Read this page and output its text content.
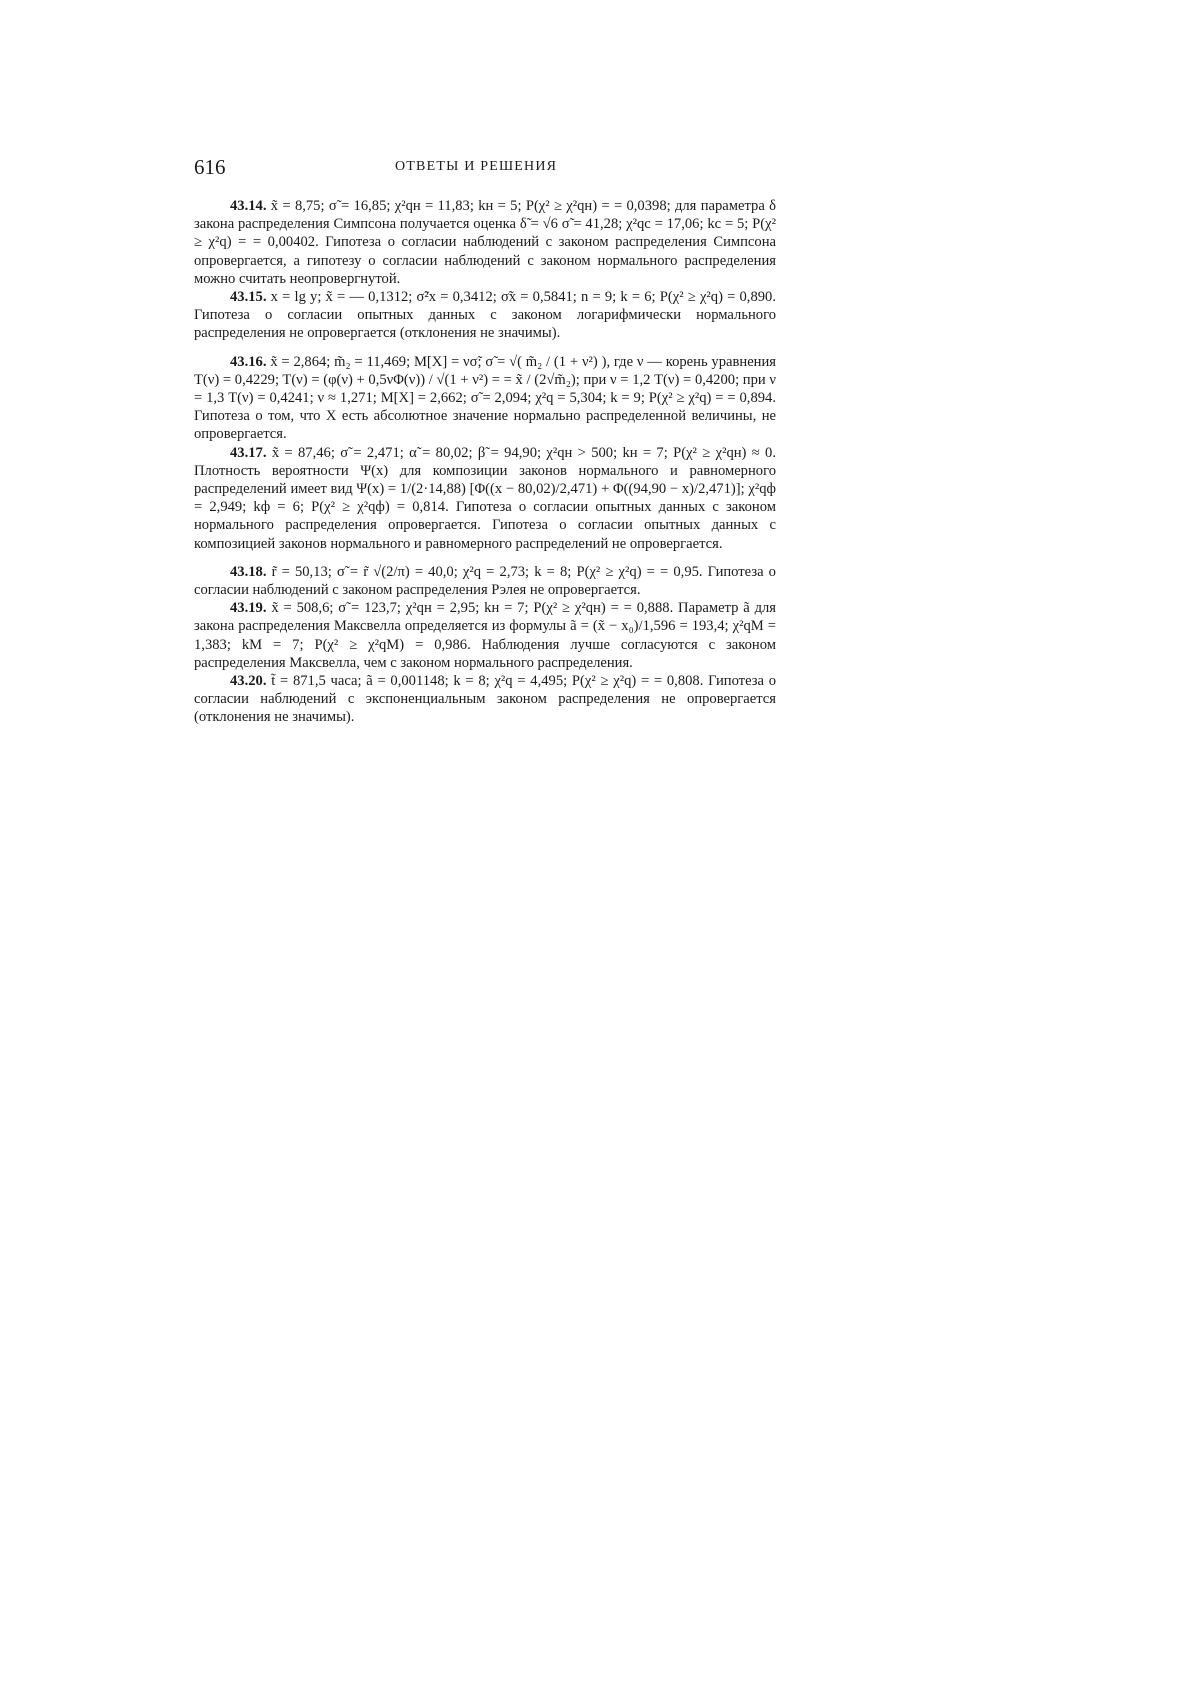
616	ОТВЕТЫ И РЕШЕНИЯ

43.14. x̃ = 8,75; σ̃ = 16,85; χ²qн = 11,83; kн = 5; P(χ² ≥ χ²qн) = = 0,0398; для параметра δ закона распределения Симпсона получается оценка δ̃ = √6 σ̃ = 41,28; χ²qc = 17,06; kс = 5; P(χ² ≥ χ²q) = = 0,00402. Гипотеза о согласии наблюдений с законом распределения Симпсона опровергается, а гипотезу о согласии наблюдений с законом нормального распределения можно считать неопровергнутой.

43.15. x = lg y; x̃ = — 0,1312; σ̃²x = 0,3412; σ̃x = 0,5841; n = 9; k = 6; P(χ² ≥ χ²q) = 0,890. Гипотеза о согласии опытных данных с законом логарифмически нормального распределения не опровергается (отклонения не значимы).

43.16. x̃ = 2,864; m̃₂ = 11,469; M[X] = νσ̃; σ̃ = √( m̃₂ / (1 + ν²) ), где ν — корень уравнения T(ν) = 0,4229; T(ν) = (φ(ν) + 0,5νΦ(ν)) / √(1 + ν²) = = x̃ / (2√m̃₂); при ν = 1,2 T(ν) = 0,4200; при ν = 1,3 T(ν) = 0,4241; ν ≈ 1,271; M[X] = 2,662; σ̃ = 2,094; χ²q = 5,304; k = 9; P(χ² ≥ χ²q) = = 0,894. Гипотеза о том, что X есть абсолютное значение нормально распределенной величины, не опровергается.

43.17. x̃ = 87,46; σ̃ = 2,471; α̃ = 80,02; β̃ = 94,90; χ²qн > 500; kн = 7; P(χ² ≥ χ²qн) ≈ 0. Плотность вероятности Ψ(x) для композиции законов нормального и равномерного распределений имеет вид Ψ(x) = 1/(2·14,88) [Φ((x − 80,02)/2,471) + Φ((94,90 − x)/2,471)]; χ²qф = 2,949; kф = 6; P(χ² ≥ χ²qф) = 0,814. Гипотеза о согласии опытных данных с законом нормального распределения опровергается. Гипотеза о согласии опытных данных с композицией законов нормального и равномерного распределений не опровергается.

43.18. r̃ = 50,13; σ̃ = r̃ √(2/π) = 40,0; χ²q = 2,73; k = 8; P(χ² ≥ χ²q) = = 0,95. Гипотеза о согласии наблюдений с законом распределения Рэлея не опровергается.

43.19. x̃ = 508,6; σ̃ = 123,7; χ²qн = 2,95; kн = 7; P(χ² ≥ χ²qн) = = 0,888. Параметр ã для закона распределения Максвелла определяется из формулы ã = (x̃ − x₀)/1,596 = 193,4; χ²qМ = 1,383; kМ = 7; P(χ² ≥ χ²qМ) = 0,986. Наблюдения лучше согласуются с законом распределения Максвелла, чем с законом нормального распределения.

43.20. t̃ = 871,5 часа; ã = 0,001148; k = 8; χ²q = 4,495; P(χ² ≥ χ²q) = = 0,808. Гипотеза о согласии наблюдений с экспоненциальным законом распределения не опровергается (отклонения не значимы).
